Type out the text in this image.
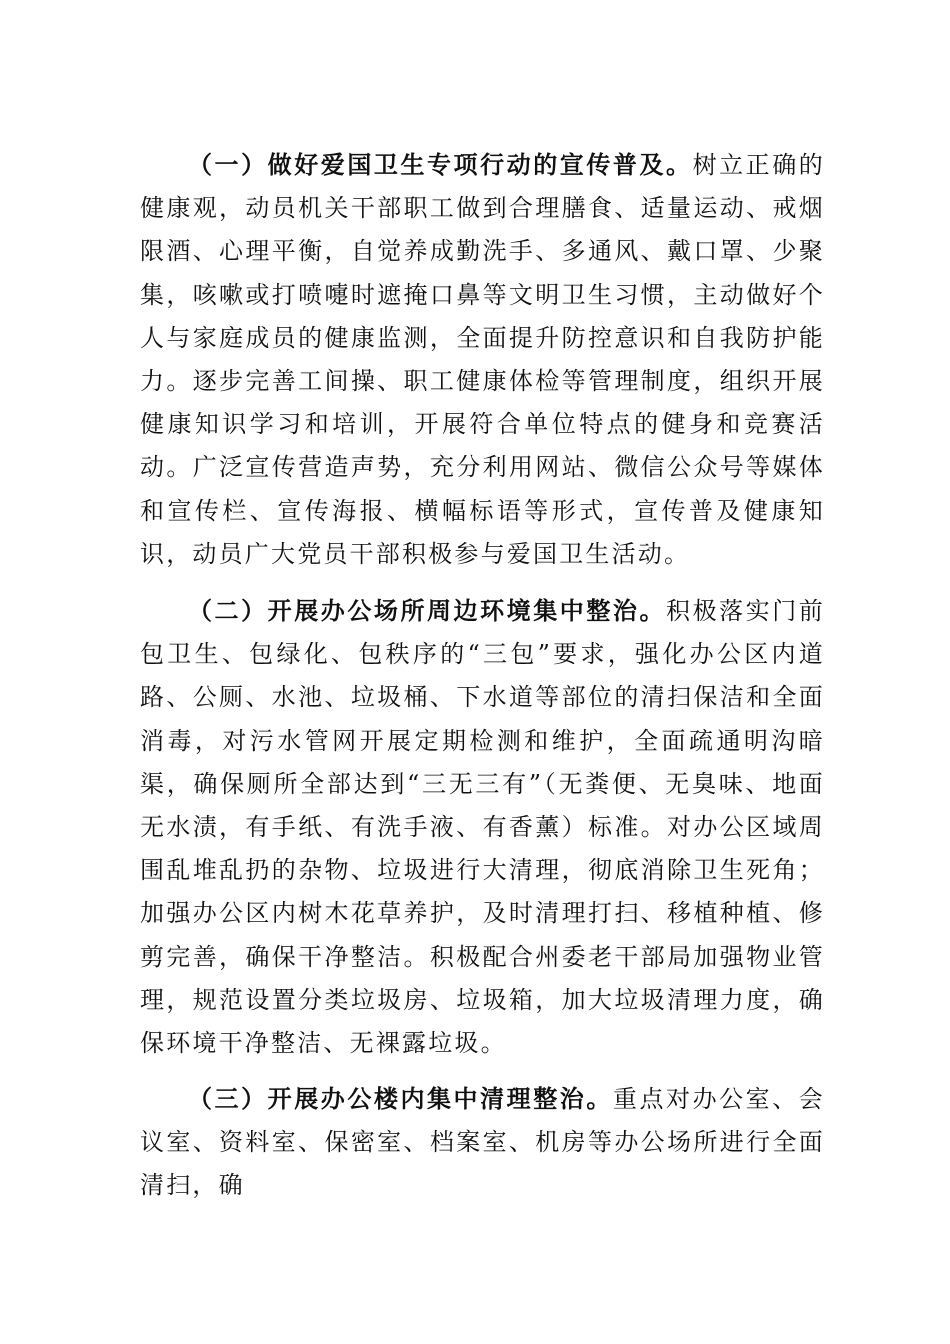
（一）做好爱国卫生专项行动的宣传普及。树立正确的健康观，动员机关干部职工做到合理膳食、适量运动、戒烟限酒、心理平衡，自觉养成勤洗手、多通风、戴口罩、少聚集，咳嗽或打喷嚏时遮掩口鼻等文明卫生习惯，主动做好个人与家庭成员的健康监测，全面提升防控意识和自我防护能力。逐步完善工间操、职工健康体检等管理制度，组织开展健康知识学习和培训，开展符合单位特点的健身和竞赛活动。广泛宣传营造声势，充分利用网站、微信公众号等媒体和宣传栏、宣传海报、横幅标语等形式，宣传普及健康知识，动员广大党员干部积极参与爱国卫生活动。

（二）开展办公场所周边环境集中整治。积极落实门前包卫生、包绿化、包秩序的“三包”要求，强化办公区内道路、公厕、水池、垃圾桶、下水道等部位的清扫保洁和全面消毒，对污水管网开展定期检测和维护，全面疏通明沟暗渠，确保厕所全部达到“三无三有”（无粪便、无臭味、地面无水渍，有手纸、有洗手液、有香薰）标准。对办公区域周围乱堆乱扔的杂物、垃圾进行大清理，彻底消除卫生死角；加强办公区内树木花草养护，及时清理打扫、移植种植、修剪完善，确保干净整洁。积极配合州委老干部局加强物业管理，规范设置分类垃圾房、垃圾箱，加大垃圾清理力度，确保环境干净整洁、无裸露垃圾。

（三）开展办公楼内集中清理整治。重点对办公室、会议室、资料室、保密室、档案室、机房等办公场所进行全面清扫，确
